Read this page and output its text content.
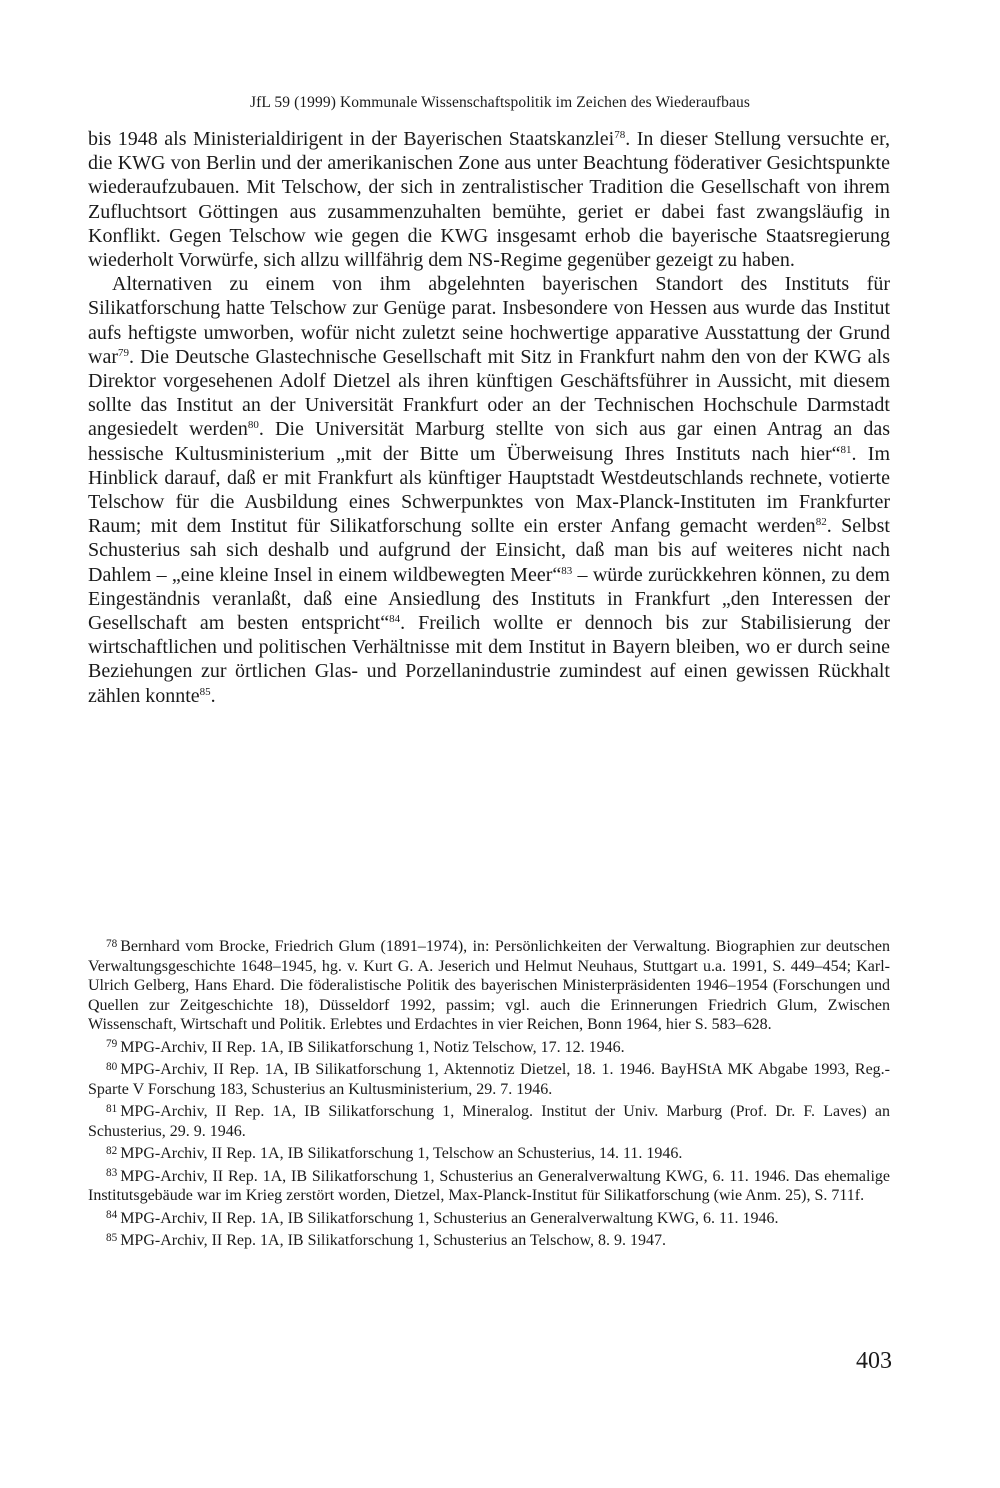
JfL 59 (1999) Kommunale Wissenschaftspolitik im Zeichen des Wiederaufbaus

bis 1948 als Ministerialdirigent in der Bayerischen Staatskanzlei$^{78}$. In dieser Stellung versuchte er, die KWG von Berlin und der amerikanischen Zone aus unter Beachtung föderativer Gesichtspunkte wiederaufzubauen. Mit Telschow, der sich in zentralistischer Tradition die Gesellschaft von ihrem Zufluchtsort Göttingen aus zusammenzuhalten bemühte, geriet er dabei fast zwangsläufig in Konflikt. Gegen Telschow wie gegen die KWG insgesamt erhob die bayerische Staatsregierung wiederholt Vorwürfe, sich allzu willfährig dem NS-Regime gegenüber gezeigt zu haben.

Alternativen zu einem von ihm abgelehnten bayerischen Standort des Instituts für Silikatforschung hatte Telschow zur Genüge parat. Insbesondere von Hessen aus wurde das Institut aufs heftigste umworben, wofür nicht zuletzt seine hochwertige apparative Ausstattung der Grund war$^{79}$. Die Deutsche Glastechnische Gesellschaft mit Sitz in Frankfurt nahm den von der KWG als Direktor vorgesehenen Adolf Dietzel als ihren künftigen Geschäftsführer in Aussicht, mit diesem sollte das Institut an der Universität Frankfurt oder an der Technischen Hochschule Darmstadt angesiedelt werden$^{80}$. Die Universität Marburg stellte von sich aus gar einen Antrag an das hessische Kultusministerium „mit der Bitte um Überweisung Ihres Instituts nach hier“$^{81}$. Im Hinblick darauf, daß er mit Frankfurt als künftiger Hauptstadt Westdeutschlands rechnete, votierte Telschow für die Ausbildung eines Schwerpunktes von Max-Planck-Instituten im Frankfurter Raum; mit dem Institut für Silikatforschung sollte ein erster Anfang gemacht werden$^{82}$. Selbst Schusterius sah sich deshalb und aufgrund der Einsicht, daß man bis auf weiteres nicht nach Dahlem – „eine kleine Insel in einem wildbewegten Meer“$^{83}$ – würde zurückkehren können, zu dem Eingeständnis veranlaßt, daß eine Ansiedlung des Instituts in Frankfurt „den Interessen der Gesellschaft am besten entspricht“$^{84}$. Freilich wollte er dennoch bis zur Stabilisierung der wirtschaftlichen und politischen Verhältnisse mit dem Institut in Bayern bleiben, wo er durch seine Beziehungen zur örtlichen Glas- und Porzellanindustrie zumindest auf einen gewissen Rückhalt zählen konnte$^{85}$.

$^{78}$ Bernhard vom Brocke, Friedrich Glum (1891–1974), in: Persönlichkeiten der Verwaltung. Biographien zur deutschen Verwaltungsgeschichte 1648–1945, hg. v. Kurt G. A. Jeserich und Helmut Neuhaus, Stuttgart u.a. 1991, S. 449–454; Karl-Ulrich Gelberg, Hans Ehard. Die föderalistische Politik des bayerischen Ministerpräsidenten 1946–1954 (Forschungen und Quellen zur Zeitgeschichte 18), Düsseldorf 1992, passim; vgl. auch die Erinnerungen Friedrich Glum, Zwischen Wissenschaft, Wirtschaft und Politik. Erlebtes und Erdachtes in vier Reichen, Bonn 1964, hier S. 583–628.

$^{79}$ MPG-Archiv, II Rep. 1A, IB Silikatforschung 1, Notiz Telschow, 17. 12. 1946.

$^{80}$ MPG-Archiv, II Rep. 1A, IB Silikatforschung 1, Aktennotiz Dietzel, 18. 1. 1946. BayHStA MK Abgabe 1993, Reg.-Sparte V Forschung 183, Schusterius an Kultusministerium, 29. 7. 1946.

$^{81}$ MPG-Archiv, II Rep. 1A, IB Silikatforschung 1, Mineralog. Institut der Univ. Marburg (Prof. Dr. F. Laves) an Schusterius, 29. 9. 1946.

$^{82}$ MPG-Archiv, II Rep. 1A, IB Silikatforschung 1, Telschow an Schusterius, 14. 11. 1946.

$^{83}$ MPG-Archiv, II Rep. 1A, IB Silikatforschung 1, Schusterius an Generalverwaltung KWG, 6. 11. 1946. Das ehemalige Institutsgebäude war im Krieg zerstört worden, Dietzel, Max-Planck-Institut für Silikatforschung (wie Anm. 25), S. 711f.

$^{84}$ MPG-Archiv, II Rep. 1A, IB Silikatforschung 1, Schusterius an Generalverwaltung KWG, 6. 11. 1946.

$^{85}$ MPG-Archiv, II Rep. 1A, IB Silikatforschung 1, Schusterius an Telschow, 8. 9. 1947.

403
